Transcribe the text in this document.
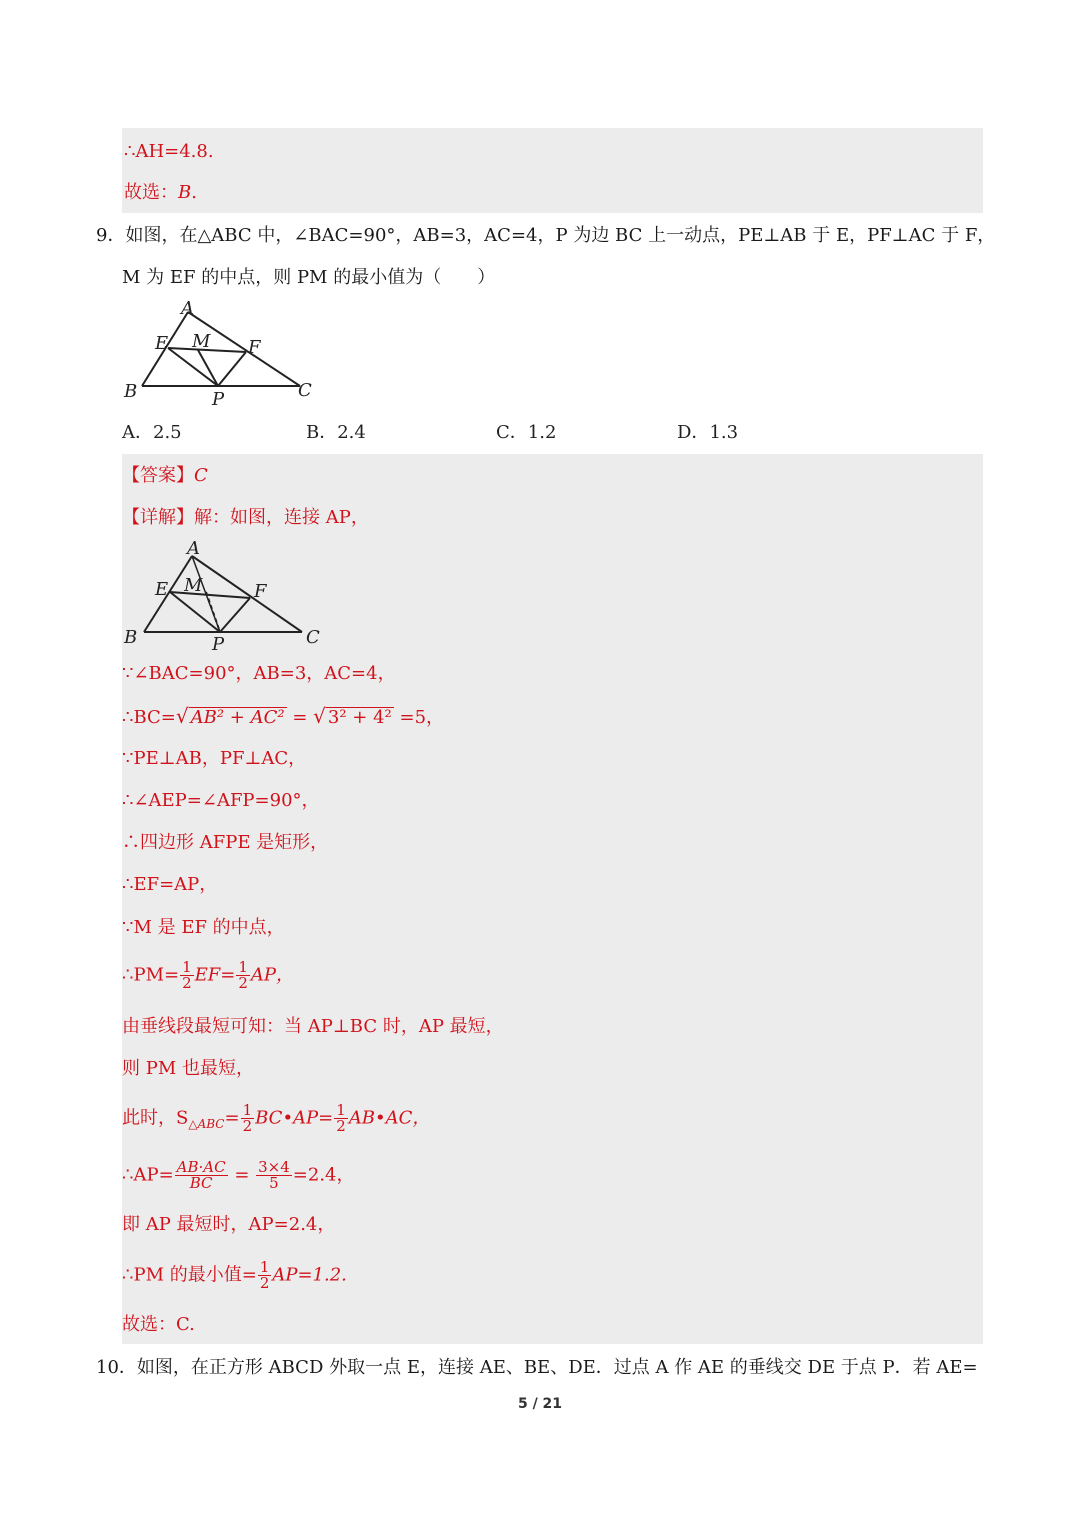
∴AH=4.8.
故选：B.
9．如图，在△ABC 中，∠BAC=90°，AB=3，AC=4，P 为边 BC 上一动点，PE⊥AB 于 E，PF⊥AC 于 F，
M 为 EF 的中点，则 PM 的最小值为（　　）
A
E M F
B	P	C
A．2.5	B．2.4	C．1.2	D．1.3
【答案】C
【详解】解：如图，连接 AP，
A
E M	F
B	P	C
∵∠BAC=90°，AB=3，AC=4，
∴BC=√ AB² + AC² = √ 3² + 4² =5，
∵PE⊥AB，PF⊥AC，
∴∠AEP=∠AFP=90°，
∴四边形 AFPE 是矩形，
∴EF=AP，
∵M 是 EF 的中点，
∴PM= $\frac{1}{2} EF= \frac{1}{2}$ AP，
由垂线段最短可知：当 AP⊥BC 时，AP 最短，
则 PM 也最短，
此时，$S_{\triangle ABC}= \frac{1}{2}$ BC•AP= $\frac{1}{2}$ AB•AC，
∴AP= $\frac{AB\cdot AC}{BC} = \frac{3\times 4}{5} =2.4$，
即 AP 最短时，AP=2.4，
∴PM 的最小值= $\frac{1}{2} AP=1.2$.
故选：C.
10．如图，在正方形 ABCD 外取一点 E，连接 AE、BE、DE．过点 A 作 AE 的垂线交 DE 于点 P．若 AE=
5 / 21
